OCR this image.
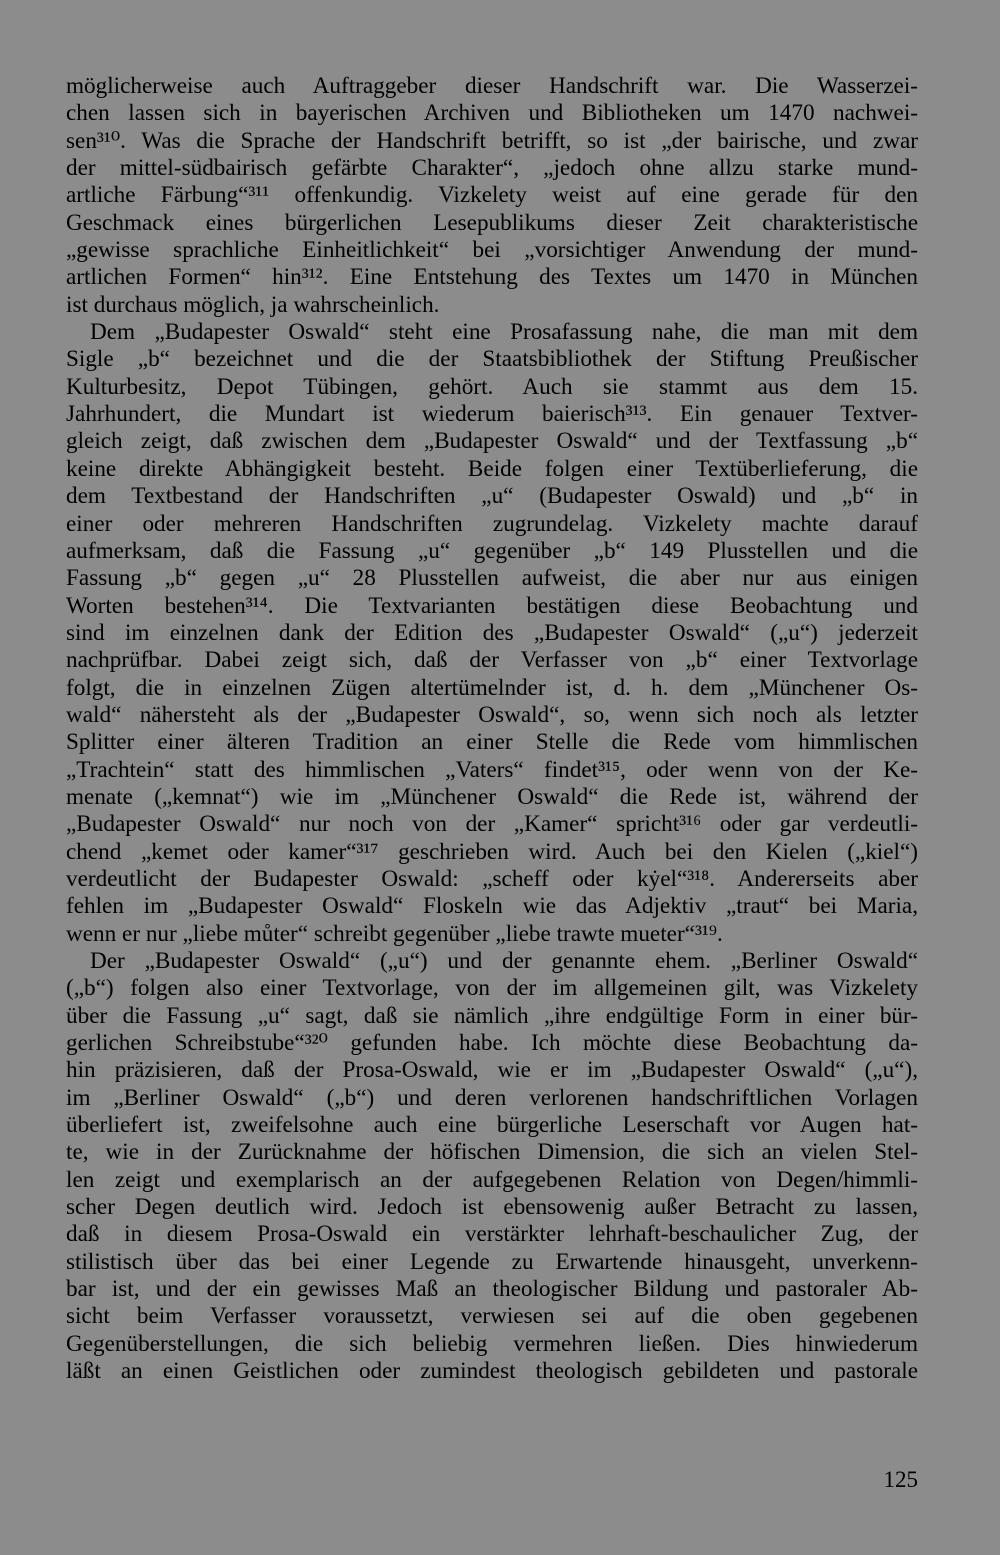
möglicherweise auch Auftraggeber dieser Handschrift war. Die Wasserzei-
chen lassen sich in bayerischen Archiven und Bibliotheken um 1470 nachwei-
sen³¹⁰. Was die Sprache der Handschrift betrifft, so ist „der bairische, und zwar
der mittel-südbairisch gefärbte Charakter“, „jedoch ohne allzu starke mund-
artliche Färbung“³¹¹ offenkundig. Vizkelety weist auf eine gerade für den
Geschmack eines bürgerlichen Lesepublikums dieser Zeit charakteristische
„gewisse sprachliche Einheitlichkeit“ bei „vorsichtiger Anwendung der mund-
artlichen Formen“ hin³¹². Eine Entstehung des Textes um 1470 in München
ist durchaus möglich, ja wahrscheinlich.
Dem „Budapester Oswald“ steht eine Prosafassung nahe, die man mit dem
Sigle „b“ bezeichnet und die der Staatsbibliothek der Stiftung Preußischer
Kulturbesitz, Depot Tübingen, gehört. Auch sie stammt aus dem 15.
Jahrhundert, die Mundart ist wiederum baierisch³¹³. Ein genauer Textver-
gleich zeigt, daß zwischen dem „Budapester Oswald“ und der Textfassung „b“
keine direkte Abhängigkeit besteht. Beide folgen einer Textüberlieferung, die
dem Textbestand der Handschriften „u“ (Budapester Oswald) und „b“ in
einer oder mehreren Handschriften zugrundelag. Vizkelety machte darauf
aufmerksam, daß die Fassung „u“ gegenüber „b“ 149 Plusstellen und die
Fassung „b“ gegen „u“ 28 Plusstellen aufweist, die aber nur aus einigen
Worten bestehen³¹⁴. Die Textvarianten bestätigen diese Beobachtung und
sind im einzelnen dank der Edition des „Budapester Oswald“ („u“) jederzeit
nachprüfbar. Dabei zeigt sich, daß der Verfasser von „b“ einer Textvorlage
folgt, die in einzelnen Zügen altertümelnder ist, d. h. dem „Münchener Os-
wald“ nähersteht als der „Budapester Oswald“, so, wenn sich noch als letzter
Splitter einer älteren Tradition an einer Stelle die Rede vom himmlischen
„Trachtein“ statt des himmlischen „Vaters“ findet³¹⁵, oder wenn von der Ke-
menate („kemnat“) wie im „Münchener Oswald“ die Rede ist, während der
„Budapester Oswald“ nur noch von der „Kamer“ spricht³¹⁶ oder gar verdeutli-
chend „kemet oder kamer“³¹⁷ geschrieben wird. Auch bei den Kielen („kiel“)
verdeutlicht der Budapester Oswald: „scheff oder kẏel“³¹⁸. Andererseits aber
fehlen im „Budapester Oswald“ Floskeln wie das Adjektiv „traut“ bei Maria,
wenn er nur „liebe můter“ schreibt gegenüber „liebe trawte mueter“³¹⁹.
Der „Budapester Oswald“ („u“) und der genannte ehem. „Berliner Oswald“
(„b“) folgen also einer Textvorlage, von der im allgemeinen gilt, was Vizkelety
über die Fassung „u“ sagt, daß sie nämlich „ihre endgültige Form in einer bür-
gerlichen Schreibstube“³²⁰ gefunden habe. Ich möchte diese Beobachtung da-
hin präzisieren, daß der Prosa-Oswald, wie er im „Budapester Oswald“ („u“),
im „Berliner Oswald“ („b“) und deren verlorenen handschriftlichen Vorlagen
überliefert ist, zweifelsohne auch eine bürgerliche Leserschaft vor Augen hat-
te, wie in der Zurücknahme der höfischen Dimension, die sich an vielen Stel-
len zeigt und exemplarisch an der aufgegebenen Relation von Degen/himmli-
scher Degen deutlich wird. Jedoch ist ebensowenig außer Betracht zu lassen,
daß in diesem Prosa-Oswald ein verstärkter lehrhaft-beschaulicher Zug, der
stilistisch über das bei einer Legende zu Erwartende hinausgeht, unverkenn-
bar ist, und der ein gewisses Maß an theologischer Bildung und pastoraler Ab-
sicht beim Verfasser voraussetzt, verwiesen sei auf die oben gegebenen
Gegenüberstellungen, die sich beliebig vermehren ließen. Dies hinwiederum
läßt an einen Geistlichen oder zumindest theologisch gebildeten und pastorale
125
